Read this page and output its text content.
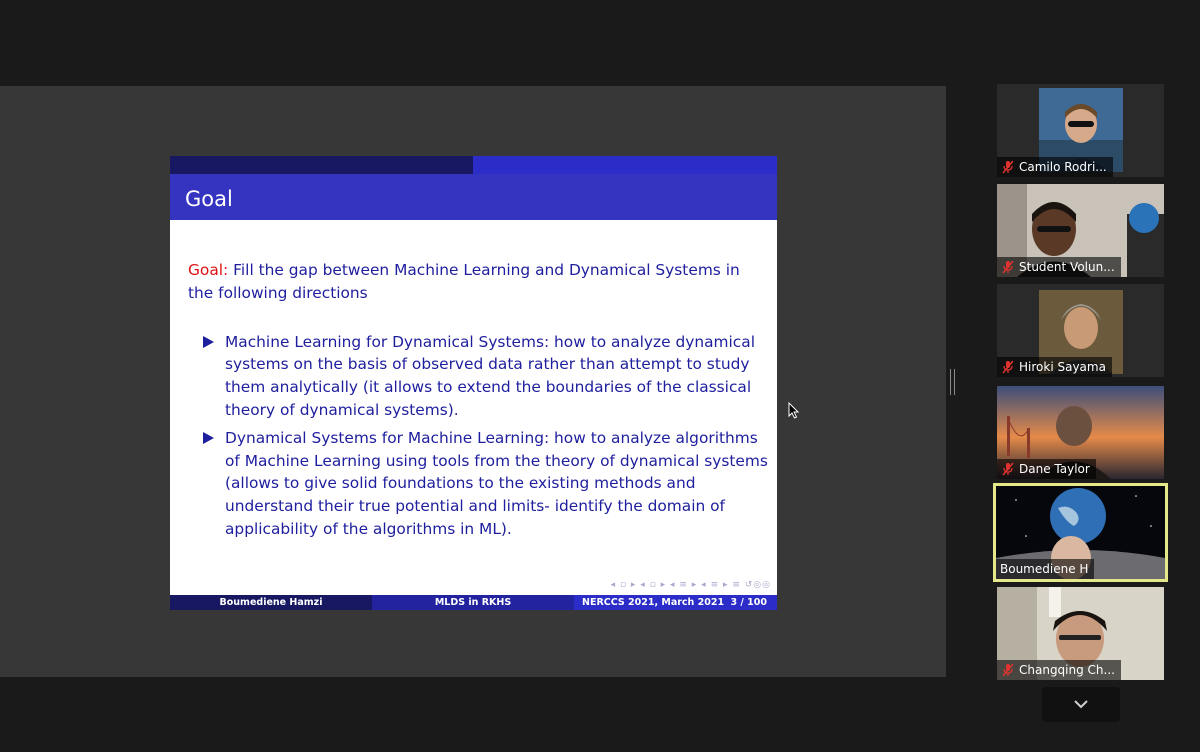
Goal
Goal: Fill the gap between Machine Learning and Dynamical Systems in the following directions
Machine Learning for Dynamical Systems: how to analyze dynamical systems on the basis of observed data rather than attempt to study them analytically (it allows to extend the boundaries of the classical theory of dynamical systems).
Dynamical Systems for Machine Learning: how to analyze algorithms of Machine Learning using tools from the theory of dynamical systems (allows to give solid foundations to the existing methods and understand their true potential and limits- identify the domain of applicability of the algorithms in ML).
◂ ▫ ▸ ◂ ▫ ▸ ◂ ≡ ▸ ◂ ≡ ▸ ≡ ↺◎◎
Boumediene Hamzi	MLDS in RKHS	NERCCS 2021, March 2021 3 / 100
Camilo Rodri...
Student Volun...
Hiroki Sayama
Dane Taylor
Boumediene H
Changqing Ch...
